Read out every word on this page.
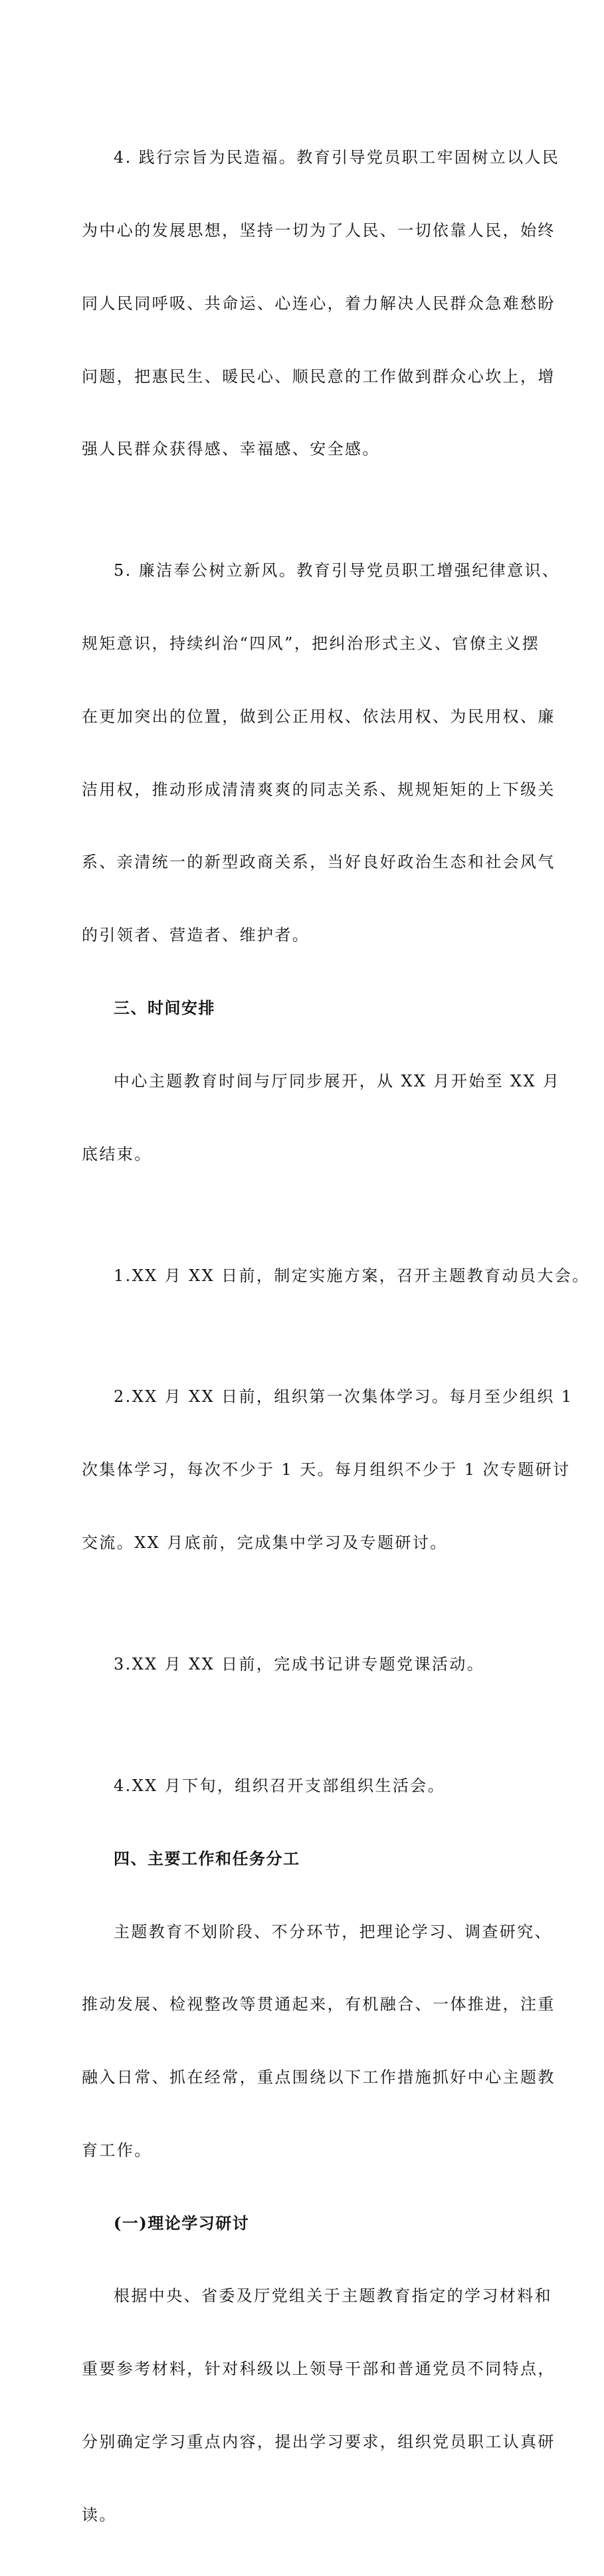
4. 践行宗旨为民造福。教育引导党员职工牢固树立以人民

为中心的发展思想，坚持一切为了人民、一切依靠人民，始终

同人民同呼吸、共命运、心连心，着力解决人民群众急难愁盼

问题，把惠民生、暖民心、顺民意的工作做到群众心坎上，增

强人民群众获得感、幸福感、安全感。

5. 廉洁奉公树立新风。教育引导党员职工增强纪律意识、

规矩意识，持续纠治“四风”，把纠治形式主义、官僚主义摆

在更加突出的位置，做到公正用权、依法用权、为民用权、廉

洁用权，推动形成清清爽爽的同志关系、规规矩矩的上下级关

系、亲清统一的新型政商关系，当好良好政治生态和社会风气

的引领者、营造者、维护者。

三、时间安排

中心主题教育时间与厅同步展开，从 XX 月开始至 XX 月

底结束。

1.XX 月 XX 日前，制定实施方案，召开主题教育动员大会。

2.XX 月 XX 日前，组织第一次集体学习。每月至少组织 1

次集体学习，每次不少于 1 天。每月组织不少于 1 次专题研讨

交流。XX 月底前，完成集中学习及专题研讨。

3.XX 月 XX 日前，完成书记讲专题党课活动。

4.XX 月下旬，组织召开支部组织生活会。

四、主要工作和任务分工

主题教育不划阶段、不分环节，把理论学习、调查研究、

推动发展、检视整改等贯通起来，有机融合、一体推进，注重

融入日常、抓在经常，重点围绕以下工作措施抓好中心主题教

育工作。

(一)理论学习研讨

根据中央、省委及厅党组关于主题教育指定的学习材料和

重要参考材料，针对科级以上领导干部和普通党员不同特点，

分别确定学习重点内容，提出学习要求，组织党员职工认真研

读。
